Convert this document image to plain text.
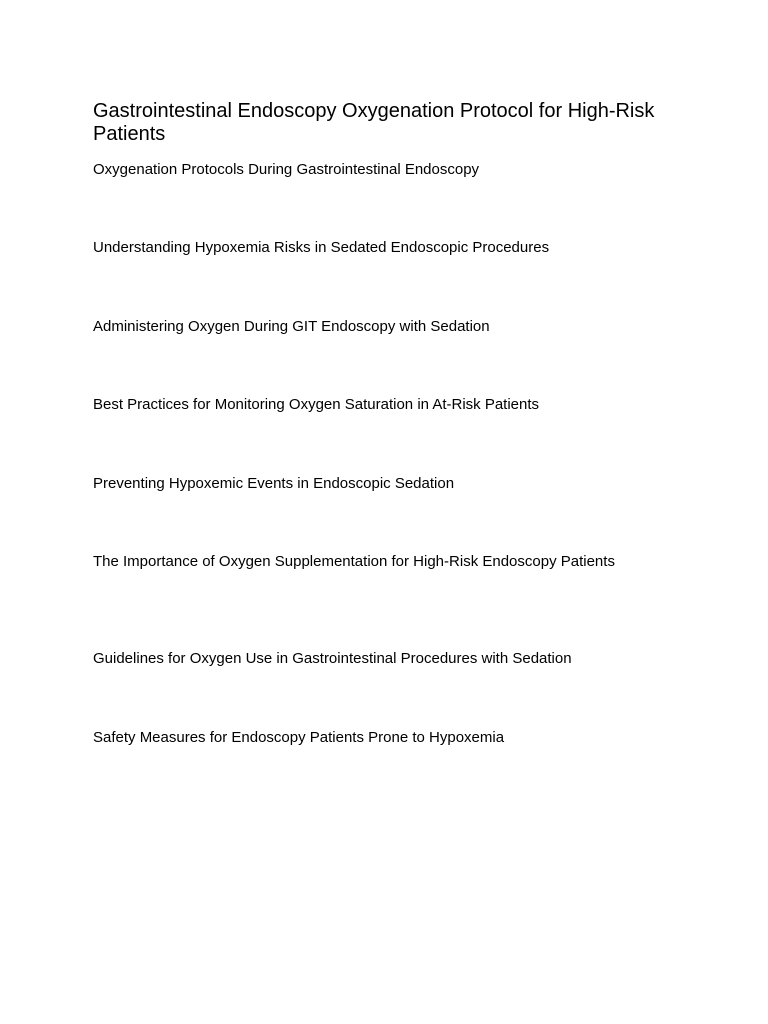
Gastrointestinal Endoscopy Oxygenation Protocol for High-Risk Patients

Oxygenation Protocols During Gastrointestinal Endoscopy

Understanding Hypoxemia Risks in Sedated Endoscopic Procedures

Administering Oxygen During GIT Endoscopy with Sedation

Best Practices for Monitoring Oxygen Saturation in At-Risk Patients

Preventing Hypoxemic Events in Endoscopic Sedation

The Importance of Oxygen Supplementation for High-Risk Endoscopy Patients

Guidelines for Oxygen Use in Gastrointestinal Procedures with Sedation

Safety Measures for Endoscopy Patients Prone to Hypoxemia
